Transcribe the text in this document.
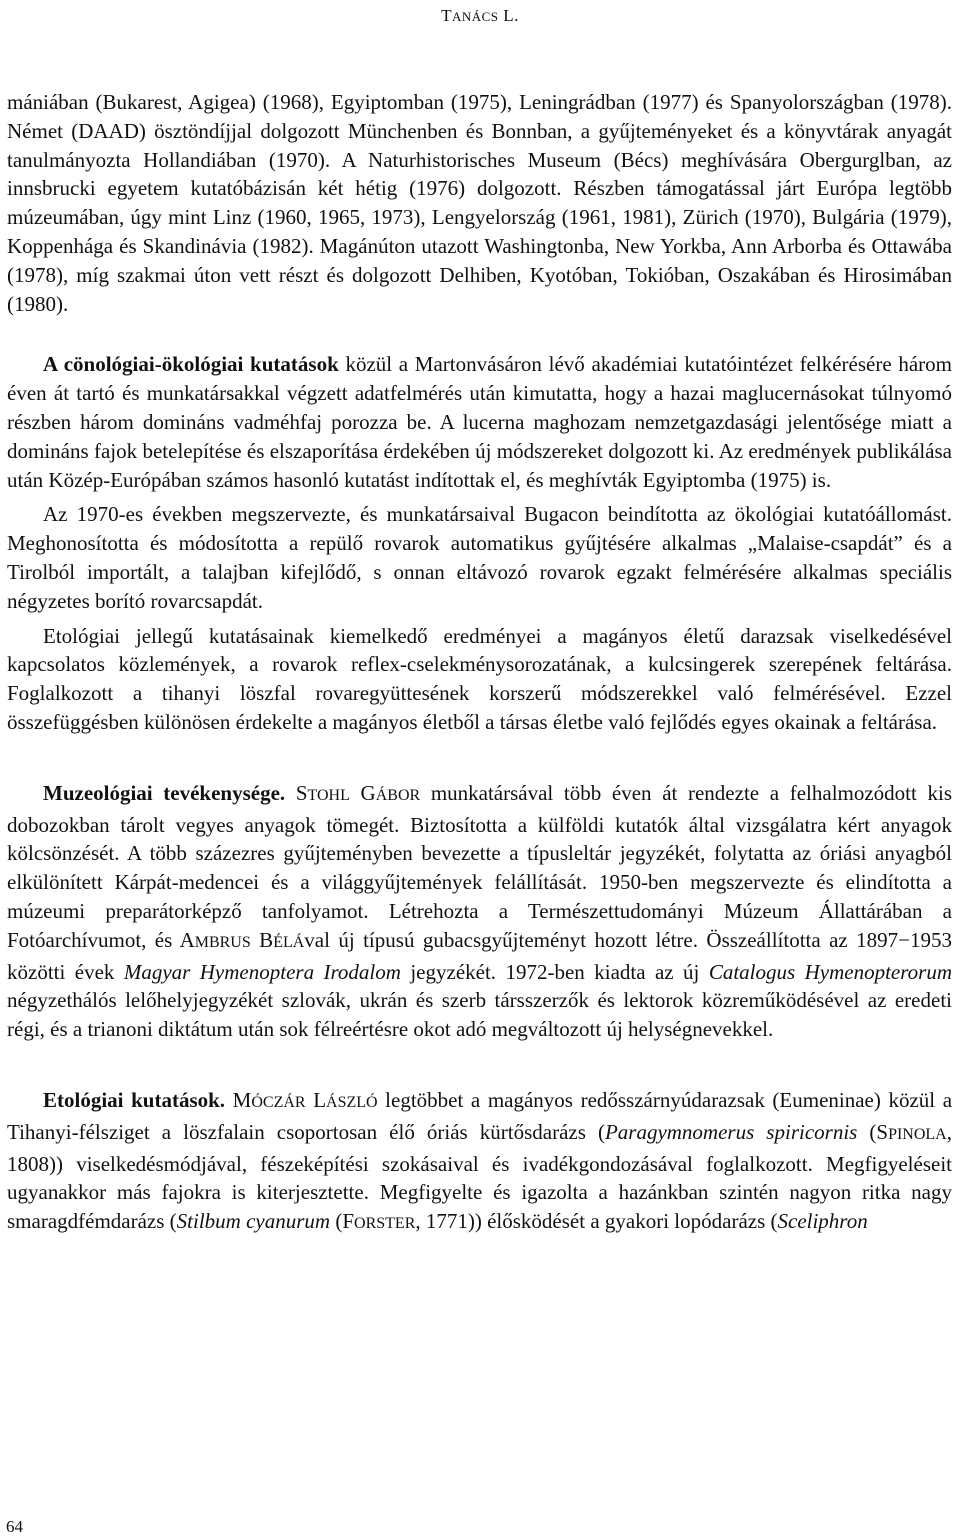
TANÁCS L.

mániában (Bukarest, Agigea) (1968), Egyiptomban (1975), Leningrádban (1977) és Spanyolországban (1978). Német (DAAD) ösztöndíjjal dolgozott Münchenben és Bonnban, a gyűjteményeket és a könyvtárak anyagát tanulmányozta Hollandiában (1970). A Naturhistorisches Museum (Bécs) meghívására Obergurglban, az innsbrucki egyetem kutatóbázisán két hétig (1976) dolgozott. Részben támogatással járt Európa legtöbb múzeumában, úgy mint Linz (1960, 1965, 1973), Lengyelország (1961, 1981), Zürich (1970), Bulgária (1979), Koppenhága és Skandinávia (1982). Magánúton utazott Washingtonba, New Yorkba, Ann Arborba és Ottawába (1978), míg szakmai úton vett részt és dolgozott Delhiben, Kyotóban, Tokióban, Oszakában és Hirosimában (1980).

A cönológiai-ökológiai kutatások közül a Martonvásáron lévő akadémiai kutatóintézet felkérésére három éven át tartó és munkatársakkal végzett adatfelmérés után kimutatta, hogy a hazai maglucernásokat túlnyomó részben három domináns vadméhfaj porozza be. A lucerna maghozam nemzetgazdasági jelentősége miatt a domináns fajok betelepítése és elszaporítása érdekében új módszereket dolgozott ki. Az eredmények publikálása után Közép-Európában számos hasonló kutatást indítottak el, és meghívták Egyiptomba (1975) is.

Az 1970-es években megszervezte, és munkatársaival Bugacon beindította az ökológiai kutatóállomást. Meghonosította és módosította a repülő rovarok automatikus gyűjtésére alkalmas „Malaise-csapdát” és a Tirolból importált, a talajban kifejlődő, s onnan eltávozó rovarok egzakt felmérésére alkalmas speciális négyzetes borító rovarcsapdát.

Etológiai jellegű kutatásainak kiemelkedő eredményei a magányos életű darazsak viselkedésével kapcsolatos közlemények, a rovarok reflex-cselekménysorozatának, a kulcsingerek szerepének feltárása. Foglalkozott a tihanyi löszfal rovaregyüttesének korszerű módszerekkel való felmérésével. Ezzel összefüggésben különösen érdekelte a magányos életből a társas életbe való fejlődés egyes okainak a feltárása.

Muzeológiai tevékenysége. STOHL GÁBOR munkatársával több éven át rendezte a felhalmozódott kis dobozokban tárolt vegyes anyagok tömegét. Biztosította a külföldi kutatók által vizsgálatra kért anyagok kölcsönzését. A több százezres gyűjteményben bevezette a típusleltár jegyzékét, folytatta az óriási anyagból elkülönített Kárpát-medencei és a világgyűjtemények felállítását. 1950-ben megszervezte és elindította a múzeumi preparátorképző tanfolyamot. Létrehozta a Természettudományi Múzeum Állattárában a Fotóarchívumot, és AMBRUS BÉLÁval új típusú gubacsgyűjteményt hozott létre. Összeállította az 1897−1953 közötti évek Magyar Hymenoptera Irodalom jegyzékét. 1972-ben kiadta az új Catalogus Hymenopterorum négyzethálós lelőhelyjegyzékét szlovák, ukrán és szerb társszerzők és lektorok közreműködésével az eredeti régi, és a trianoni diktátum után sok félreértésre okot adó megváltozott új helységnevekkel.

Etológiai kutatások. MÓCZÁR LÁSZLÓ legtöbbet a magányos redősszárnyúdarazsak (Eumeninae) közül a Tihanyi-félsziget a löszfalain csoportosan élő óriás kürtősdarázs (Paragymnomerus spiricornis (SPINOLA, 1808)) viselkedésmódjával, fészeképítési szokásaival és ivadékgondozásával foglalkozott. Megfigyeléseit ugyanakkor más fajokra is kiterjesztette. Megfigyelte és igazolta a hazánkban szintén nagyon ritka nagy smaragdfémdarázs (Stilbum cyanurum (FORSTER, 1771)) élősködését a gyakori lopódarázs (Sceliphron

64
